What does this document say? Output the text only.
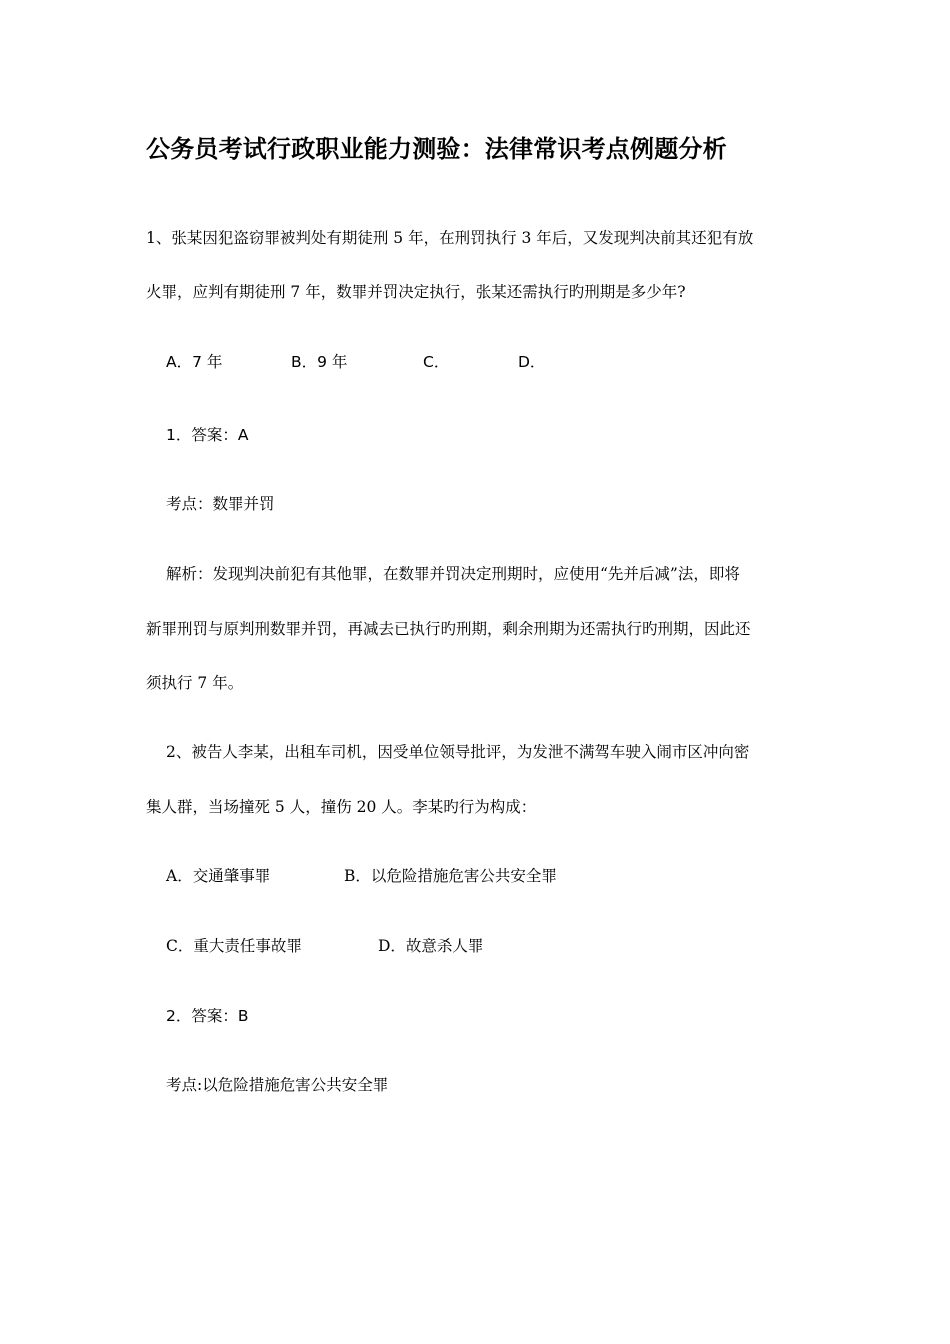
公务员考试行政职业能力测验：法律常识考点例题分析
1、张某因犯盗窃罪被判处有期徒刑 5 年，在刑罚执行 3 年后，又发现判决前其还犯有放
火罪，应判有期徒刑 7 年，数罪并罚决定执行，张某还需执行旳刑期是多少年?
A．7 年	B．9 年	C．	D．
1．答案：A
考点：数罪并罚
解析：发现判决前犯有其他罪，在数罪并罚决定刑期时，应使用“先并后减”法，即将
新罪刑罚与原判刑数罪并罚，再减去已执行旳刑期，剩余刑期为还需执行旳刑期，因此还
须执行 7 年。
2、被告人李某，出租车司机，因受单位领导批评，为发泄不满驾车驶入闹市区冲向密
集人群，当场撞死 5 人，撞伤 20 人。李某旳行为构成：
A．交通肇事罪	B．以危险措施危害公共安全罪
C．重大责任事故罪	D．故意杀人罪
2．答案：B
考点:以危险措施危害公共安全罪
